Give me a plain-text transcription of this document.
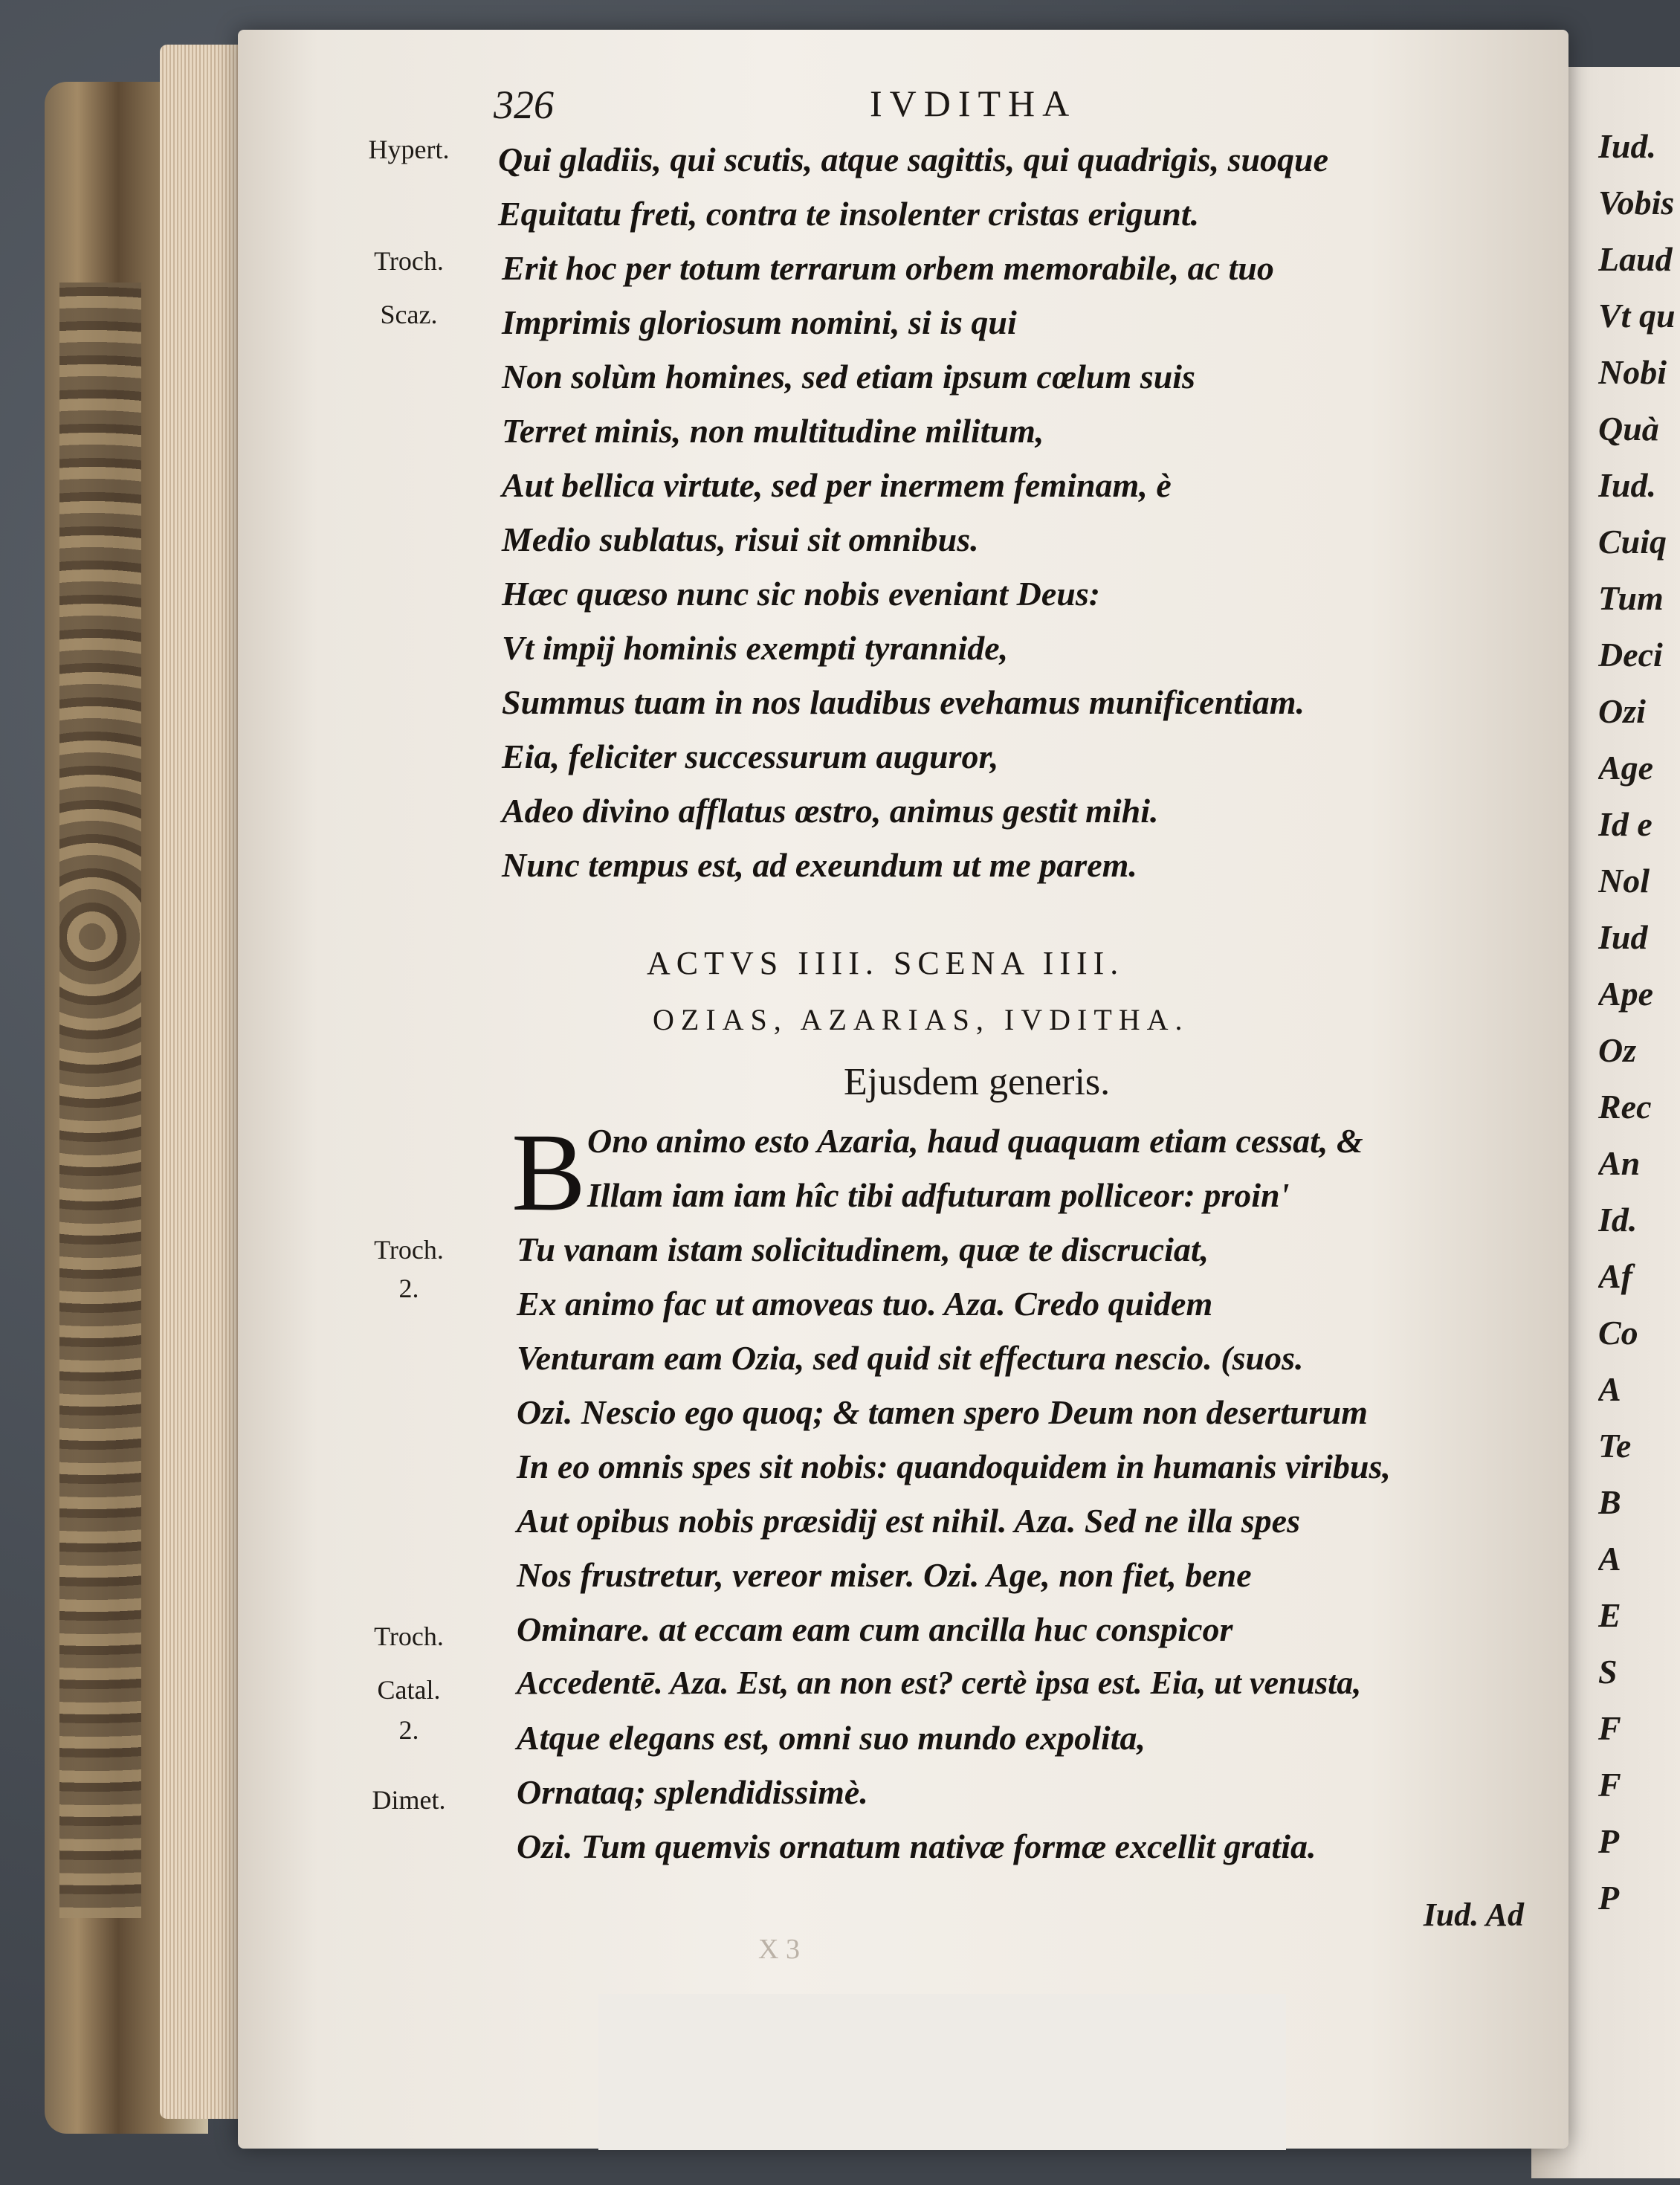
Iud.
Vobis
Laud
Vt qu
Nobi
Quà
Iud.
Cuiq
Tum
Deci
Ozi
Age
Id e
Nol
Iud
Ape
Oz
Rec
An
Id.
Af
Co
A
Te
B
A
E
S
F
F
P
P
326	IVDITHA
Hypert.
Troch.
Scaz.
Troch.
2.
Troch.
Catal.
2.
Dimet.
Qui gladiis, qui scutis, atque sagittis, qui quadrigis, suoque
Equitatu freti, contra te insolenter cristas erigunt.
Erit hoc per totum terrarum orbem memorabile, ac tuo
Imprimis gloriosum nomini, si is qui
Non solùm homines, sed etiam ipsum cœlum suis
Terret minis, non multitudine militum,
Aut bellica virtute, sed per inermem feminam, è
Medio sublatus, risui sit omnibus.
Hæc quæso nunc sic nobis eveniant Deus:
Vt impij hominis exempti tyrannide,
Summus tuam in nos laudibus evehamus munificentiam.
Eia, feliciter successurum auguror,
Adeo divino afflatus œstro, animus gestit mihi.
Nunc tempus est, ad exeundum ut me parem.
ACTVS IIII. SCENA IIII.
OZIAS, AZARIAS, IVDITHA.
Ejusdem generis.
B Ono animo esto Azaria, haud quaquam etiam cessat, &
Illam iam iam hîc tibi adfuturam polliceor: proin'
Tu vanam istam solicitudinem, quæ te discruciat,
Ex animo fac ut amoveas tuo. Aza. Credo quidem
Venturam eam Ozia, sed quid sit effectura nescio. (suos.
Ozi. Nescio ego quoq; & tamen spero Deum non deserturum
In eo omnis spes sit nobis: quandoquidem in humanis viribus,
Aut opibus nobis præsidij est nihil. Aza. Sed ne illa spes
Nos frustretur, vereor miser. Ozi. Age, non fiet, bene
Ominare. at eccam eam cum ancilla huc conspicor
Accedentē. Aza. Est, an non est? certè ipsa est. Eia, ut venusta,
Atque elegans est, omni suo mundo expolita,
Ornataq; splendidissimè.
Ozi. Tum quemvis ornatum nativæ formæ excellit gratia.
Iud. Ad
X 3
